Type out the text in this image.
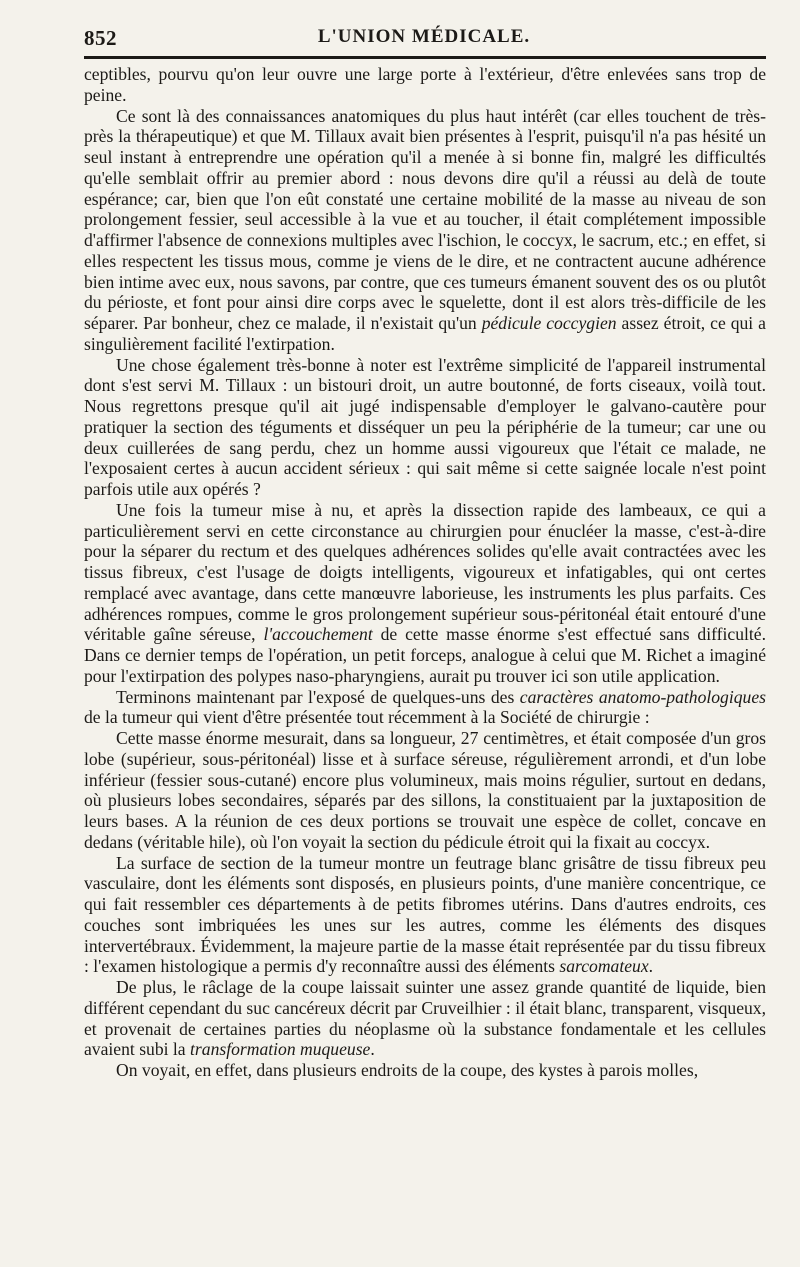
852	L'UNION MÉDICALE.

ceptibles, pourvu qu'on leur ouvre une large porte à l'extérieur, d'être enlevées sans trop de peine.

Ce sont là des connaissances anatomiques du plus haut intérêt (car elles touchent de très-près la thérapeutique) et que M. Tillaux avait bien présentes à l'esprit, puisqu'il n'a pas hésité un seul instant à entreprendre une opération qu'il a menée à si bonne fin, malgré les difficultés qu'elle semblait offrir au premier abord : nous devons dire qu'il a réussi au delà de toute espérance; car, bien que l'on eût constaté une certaine mobilité de la masse au niveau de son prolongement fessier, seul accessible à la vue et au toucher, il était complétement impossible d'affirmer l'absence de connexions multiples avec l'ischion, le coccyx, le sacrum, etc.; en effet, si elles respectent les tissus mous, comme je viens de le dire, et ne contractent aucune adhérence bien intime avec eux, nous savons, par contre, que ces tumeurs émanent souvent des os ou plutôt du périoste, et font pour ainsi dire corps avec le squelette, dont il est alors très-difficile de les séparer. Par bonheur, chez ce malade, il n'existait qu'un pédicule coccygien assez étroit, ce qui a singulièrement facilité l'extirpation.

Une chose également très-bonne à noter est l'extrême simplicité de l'appareil instrumental dont s'est servi M. Tillaux : un bistouri droit, un autre boutonné, de forts ciseaux, voilà tout. Nous regrettons presque qu'il ait jugé indispensable d'employer le galvano-cautère pour pratiquer la section des téguments et disséquer un peu la périphérie de la tumeur; car une ou deux cuillerées de sang perdu, chez un homme aussi vigoureux que l'était ce malade, ne l'exposaient certes à aucun accident sérieux : qui sait même si cette saignée locale n'est point parfois utile aux opérés ?

Une fois la tumeur mise à nu, et après la dissection rapide des lambeaux, ce qui a particulièrement servi en cette circonstance au chirurgien pour énucléer la masse, c'est-à-dire pour la séparer du rectum et des quelques adhérences solides qu'elle avait contractées avec les tissus fibreux, c'est l'usage de doigts intelligents, vigoureux et infatigables, qui ont certes remplacé avec avantage, dans cette manœuvre laborieuse, les instruments les plus parfaits. Ces adhérences rompues, comme le gros prolongement supérieur sous-péritonéal était entouré d'une véritable gaîne séreuse, l'accouchement de cette masse énorme s'est effectué sans difficulté. Dans ce dernier temps de l'opération, un petit forceps, analogue à celui que M. Richet a imaginé pour l'extirpation des polypes naso-pharyngiens, aurait pu trouver ici son utile application.

Terminons maintenant par l'exposé de quelques-uns des caractères anatomo-pathologiques de la tumeur qui vient d'être présentée tout récemment à la Société de chirurgie :

Cette masse énorme mesurait, dans sa longueur, 27 centimètres, et était composée d'un gros lobe (supérieur, sous-péritonéal) lisse et à surface séreuse, régulièrement arrondi, et d'un lobe inférieur (fessier sous-cutané) encore plus volumineux, mais moins régulier, surtout en dedans, où plusieurs lobes secondaires, séparés par des sillons, la constituaient par la juxtaposition de leurs bases. A la réunion de ces deux portions se trouvait une espèce de collet, concave en dedans (véritable hile), où l'on voyait la section du pédicule étroit qui la fixait au coccyx.

La surface de section de la tumeur montre un feutrage blanc grisâtre de tissu fibreux peu vasculaire, dont les éléments sont disposés, en plusieurs points, d'une manière concentrique, ce qui fait ressembler ces départements à de petits fibromes utérins. Dans d'autres endroits, ces couches sont imbriquées les unes sur les autres, comme les éléments des disques intervertébraux. Évidemment, la majeure partie de la masse était représentée par du tissu fibreux : l'examen histologique a permis d'y reconnaître aussi des éléments sarcomateux.

De plus, le râclage de la coupe laissait suinter une assez grande quantité de liquide, bien différent cependant du suc cancéreux décrit par Cruveilhier : il était blanc, transparent, visqueux, et provenait de certaines parties du néoplasme où la substance fondamentale et les cellules avaient subi la transformation muqueuse.

On voyait, en effet, dans plusieurs endroits de la coupe, des kystes à parois molles,
